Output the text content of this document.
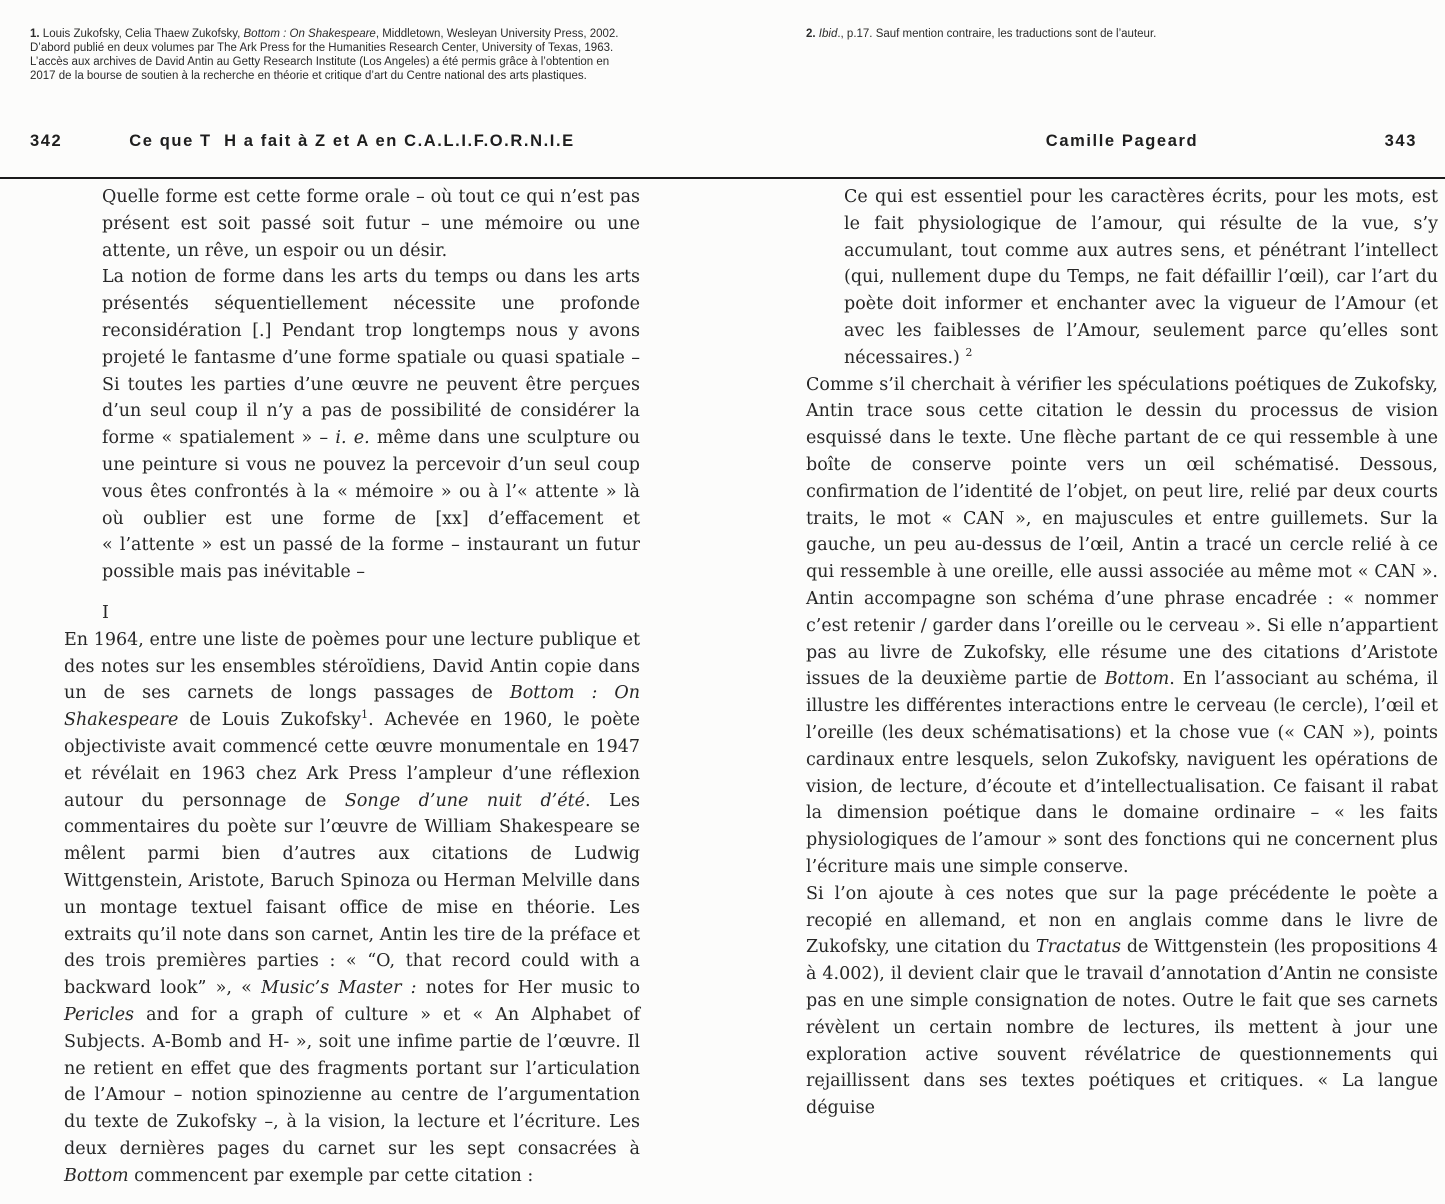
1. Louis Zukofsky, Celia Thaew Zukofsky, Bottom : On Shakespeare, Middletown, Wesleyan University Press, 2002. D’abord publié en deux volumes par The Ark Press for the Humanities Research Center, University of Texas, 1963. L’accès aux archives de David Antin au Getty Research Institute (Los Angeles) a été permis grâce à l’obtention en 2017 de la bourse de soutien à la recherche en théorie et critique d’art du Centre national des arts plastiques.
2. Ibid., p.17. Sauf mention contraire, les traductions sont de l’auteur.
342	Ce que T  H a fait à Z et A en C.A.L.I.F.O.R.N.I.E	Camille Pageard	343

Quelle forme est cette forme orale – où tout ce qui n’est pas présent est soit passé soit futur – une mémoire ou une attente, un rêve, un espoir ou un désir.

La notion de forme dans les arts du temps ou dans les arts présentés séquentiellement nécessite une profonde reconsidération [.] Pendant trop longtemps nous y avons projeté le fantasme d’une forme spatiale ou quasi spatiale – Si toutes les parties d’une œuvre ne peuvent être perçues d’un seul coup il n’y a pas de possibilité de considérer la forme « spatialement » – i. e. même dans une sculpture ou une peinture si vous ne pouvez la percevoir d’un seul coup vous êtes confrontés à la « mémoire » ou à l’« attente » là où oublier est une forme de [xx] d’effacement et « l’attente » est un passé de la forme – instaurant un futur possible mais pas inévitable –

I

En 1964, entre une liste de poèmes pour une lecture publique et des notes sur les ensembles stéroïdiens, David Antin copie dans un de ses carnets de longs passages de Bottom : On Shakespeare de Louis Zukofsky$^1$. Achevée en 1960, le poète objectiviste avait commencé cette œuvre monumentale en 1947 et révélait en 1963 chez Ark Press l’ampleur d’une réflexion autour du personnage de Songe d’une nuit d’été. Les commentaires du poète sur l’œuvre de William Shakespeare se mêlent parmi bien d’autres aux citations de Ludwig Wittgenstein, Aristote, Baruch Spinoza ou Herman Melville dans un montage textuel faisant office de mise en théorie. Les extraits qu’il note dans son carnet, Antin les tire de la préface et des trois premières parties : « “O, that record could with a backward look” », « Music’s Master : notes for Her music to Pericles and for a graph of culture » et « An Alphabet of Subjects. A-Bomb and H- », soit une infime partie de l’œuvre. Il ne retient en effet que des fragments portant sur l’articulation de l’Amour – notion spinozienne au centre de l’argumentation du texte de Zukofsky –, à la vision, la lecture et l’écriture. Les deux dernières pages du carnet sur les sept consacrées à Bottom commencent par exemple par cette citation :

Ce qui est essentiel pour les caractères écrits, pour les mots, est le fait physiologique de l’amour, qui résulte de la vue, s’y accumulant, tout comme aux autres sens, et pénétrant l’intellect (qui, nullement dupe du Temps, ne fait défaillir l’œil), car l’art du poète doit informer et enchanter avec la vigueur de l’Amour (et avec les faiblesses de l’Amour, seulement parce qu’elles sont nécessaires.) $^2$

Comme s’il cherchait à vérifier les spéculations poétiques de Zukofsky, Antin trace sous cette citation le dessin du processus de vision esquissé dans le texte. Une flèche partant de ce qui ressemble à une boîte de conserve pointe vers un œil schématisé. Dessous, confirmation de l’identité de l’objet, on peut lire, relié par deux courts traits, le mot « CAN », en majuscules et entre guillemets. Sur la gauche, un peu au-dessus de l’œil, Antin a tracé un cercle relié à ce qui ressemble à une oreille, elle aussi associée au même mot « CAN ». Antin accompagne son schéma d’une phrase encadrée : « nommer c’est retenir / garder dans l’oreille ou le cerveau ». Si elle n’appartient pas au livre de Zukofsky, elle résume une des citations d’Aristote issues de la deuxième partie de Bottom. En l’associant au schéma, il illustre les différentes interactions entre le cerveau (le cercle), l’œil et l’oreille (les deux schématisations) et la chose vue (« CAN »), points cardinaux entre lesquels, selon Zukofsky, naviguent les opérations de vision, de lecture, d’écoute et d’intellectualisation. Ce faisant il rabat la dimension poétique dans le domaine ordinaire – « les faits physiologiques de l’amour » sont des fonctions qui ne concernent plus l’écriture mais une simple conserve.

Si l’on ajoute à ces notes que sur la page précédente le poète a recopié en allemand, et non en anglais comme dans le livre de Zukofsky, une citation du Tractatus de Wittgenstein (les propositions 4 à 4.002), il devient clair que le travail d’annotation d’Antin ne consiste pas en une simple consignation de notes. Outre le fait que ses carnets révèlent un certain nombre de lectures, ils mettent à jour une exploration active souvent révélatrice de questionnements qui rejaillissent dans ses textes poétiques et critiques. « La langue déguise
